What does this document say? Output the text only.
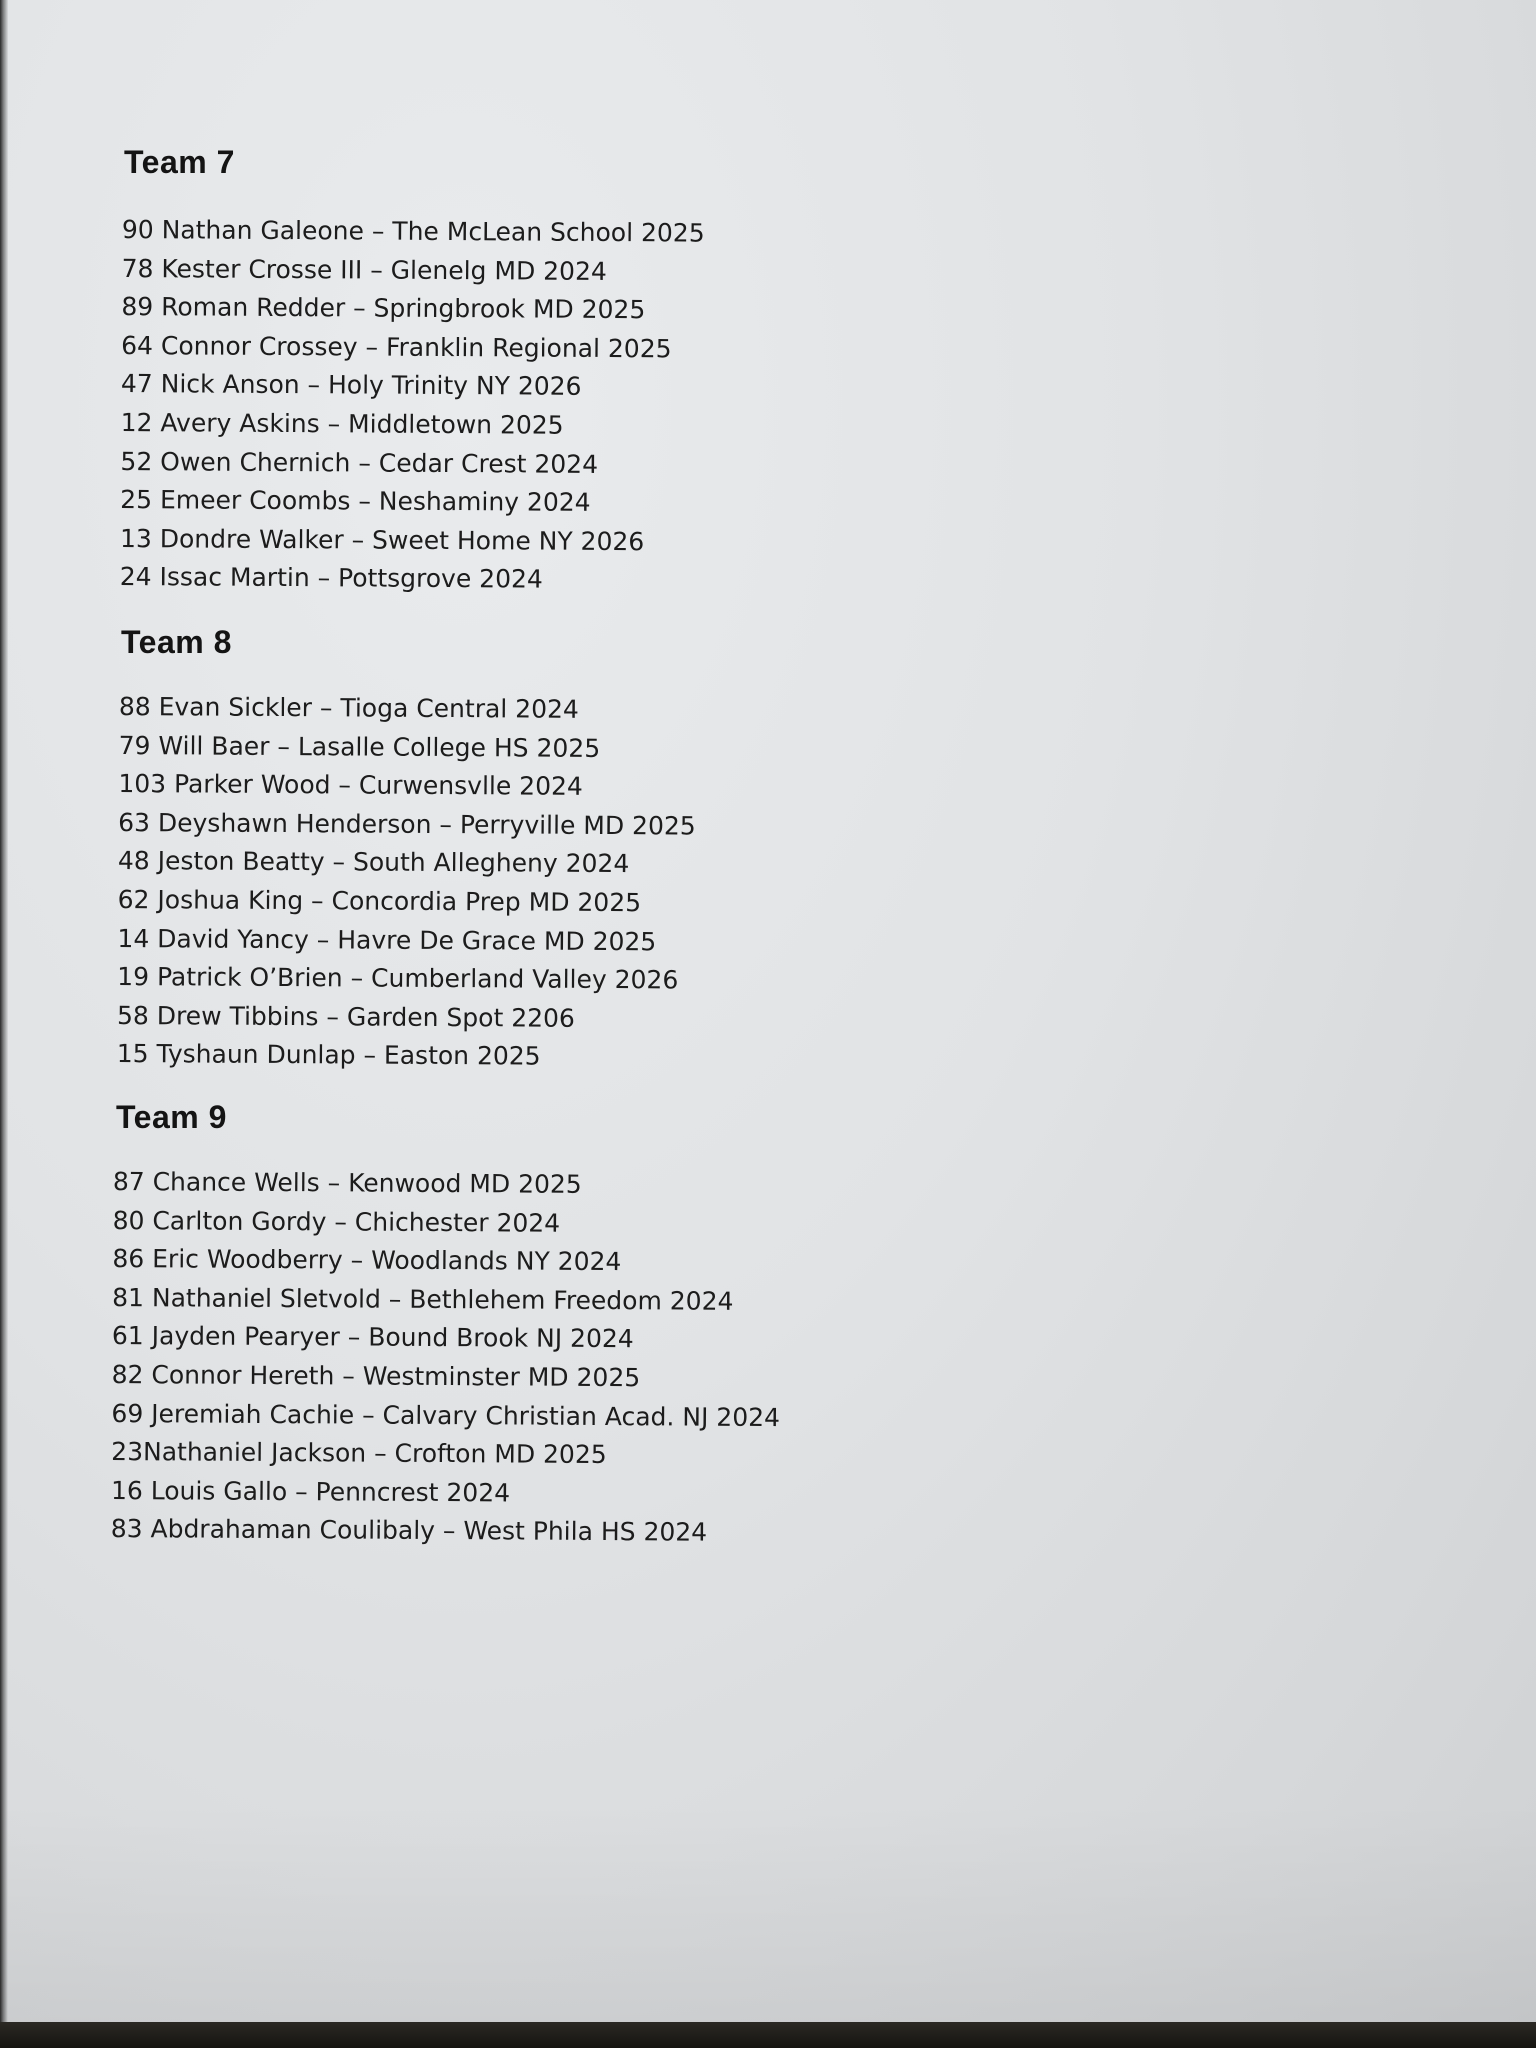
Team 7
90 Nathan Galeone – The McLean School 2025
78 Kester Crosse III – Glenelg MD 2024
89 Roman Redder – Springbrook MD 2025
64 Connor Crossey – Franklin Regional 2025
47 Nick Anson – Holy Trinity NY 2026
12 Avery Askins – Middletown 2025
52 Owen Chernich – Cedar Crest 2024
25 Emeer Coombs – Neshaminy 2024
13 Dondre Walker – Sweet Home NY 2026
24 Issac Martin – Pottsgrove 2024
Team 8
88 Evan Sickler – Tioga Central 2024
79 Will Baer – Lasalle College HS 2025
103 Parker Wood – Curwensvlle 2024
63 Deyshawn Henderson – Perryville MD 2025
48 Jeston Beatty – South Allegheny 2024
62 Joshua King – Concordia Prep MD 2025
14 David Yancy – Havre De Grace MD 2025
19 Patrick O’Brien – Cumberland Valley 2026
58 Drew Tibbins – Garden Spot 2206
15 Tyshaun Dunlap – Easton 2025
Team 9
87 Chance Wells – Kenwood MD 2025
80 Carlton Gordy – Chichester 2024
86 Eric Woodberry – Woodlands NY 2024
81 Nathaniel Sletvold – Bethlehem Freedom 2024
61 Jayden Pearyer – Bound Brook NJ 2024
82 Connor Hereth – Westminster MD 2025
69 Jeremiah Cachie – Calvary Christian Acad. NJ 2024
23Nathaniel Jackson – Crofton MD 2025
16 Louis Gallo – Penncrest 2024
83 Abdrahaman Coulibaly – West Phila HS 2024
